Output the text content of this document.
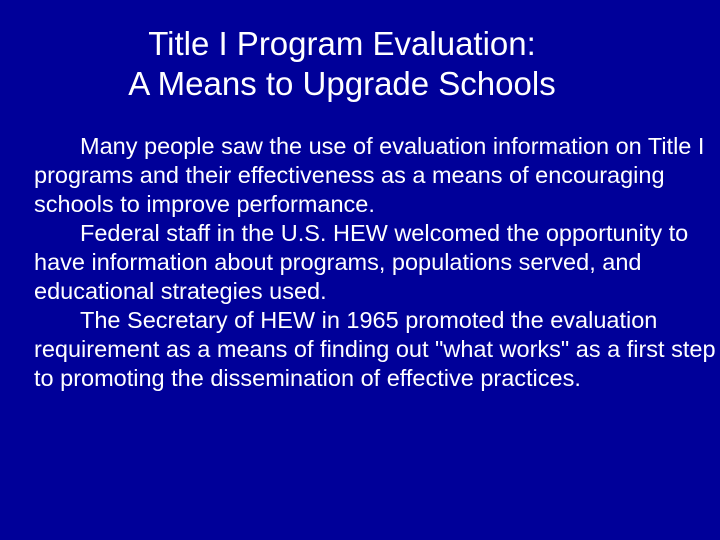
Title I Program Evaluation:
A Means to Upgrade Schools

Many people saw the use of evaluation information on Title I programs and their effectiveness as a means of encouraging schools to improve performance.

Federal staff in the U.S. HEW welcomed the opportunity to have information about programs, populations served, and educational strategies used.

The Secretary of HEW in 1965 promoted the evaluation requirement as a means of finding out "what works" as a first step to promoting the dissemination of effective practices.
